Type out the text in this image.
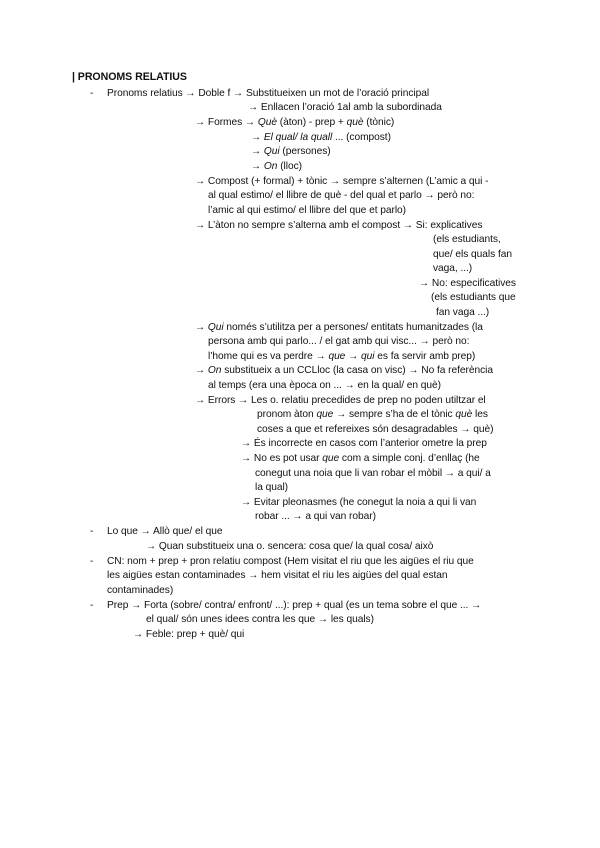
| PRONOMS RELATIUS
- Pronoms relatius → Doble f → Substitueixen un mot de l’oració principal
→ Enllacen l’oració 1al amb la subordinada
→ Formes → Què (àton) - prep + què (tònic)
→ El qual/ la quall ... (compost)
→ Qui (persones)
→ On (lloc)
→ Compost (+ formal) + tònic → sempre s’alternen (L’amic a qui -
al qual estimo/ el llibre de què - del qual et parlo → però no:
l’amic al qui estimo/ el llibre del que et parlo)
→ L’àton no sempre s’alterna amb el compost → Si: explicatives
(els estudiants,
que/ els quals fan
vaga, ...)
→ No: especificatives
(els estudiants que
fan vaga ...)
→ Qui només s’utilitza per a persones/ entitats humanitzades (la
persona amb qui parlo... / el gat amb qui visc... → però no:
l’home qui es va perdre → que → qui es fa servir amb prep)
→ On substitueix a un CCLloc (la casa on visc) → No fa referència
al temps (era una època on ... → en la qual/ en què)
→ Errors → Les o. relatiu precedides de prep no poden utiltzar el
pronom àton que → sempre s’ha de el tònic què les
coses a que et refereixes són desagradables → què)
→ És incorrecte en casos com l’anterior ometre la prep
→ No es pot usar que com a simple conj. d’enllaç (he
conegut una noia que li van robar el mòbil → a qui/ a
la qual)
→ Evitar pleonasmes (he conegut la noia a qui li van
robar ... → a qui van robar)
- Lo que → Allò que/ el que
→ Quan substitueix una o. sencera: cosa que/ la qual cosa/ això
- CN: nom + prep + pron relatiu compost (Hem visitat el riu que les aigües el riu que
les aigües estan contaminades → hem visitat el riu les aigües del qual estan
contaminades)
- Prep → Forta (sobre/ contra/ enfront/ ...): prep + qual (es un tema sobre el que ... →
el qual/ són unes idees contra les que → les quals)
→ Feble: prep + què/ qui
